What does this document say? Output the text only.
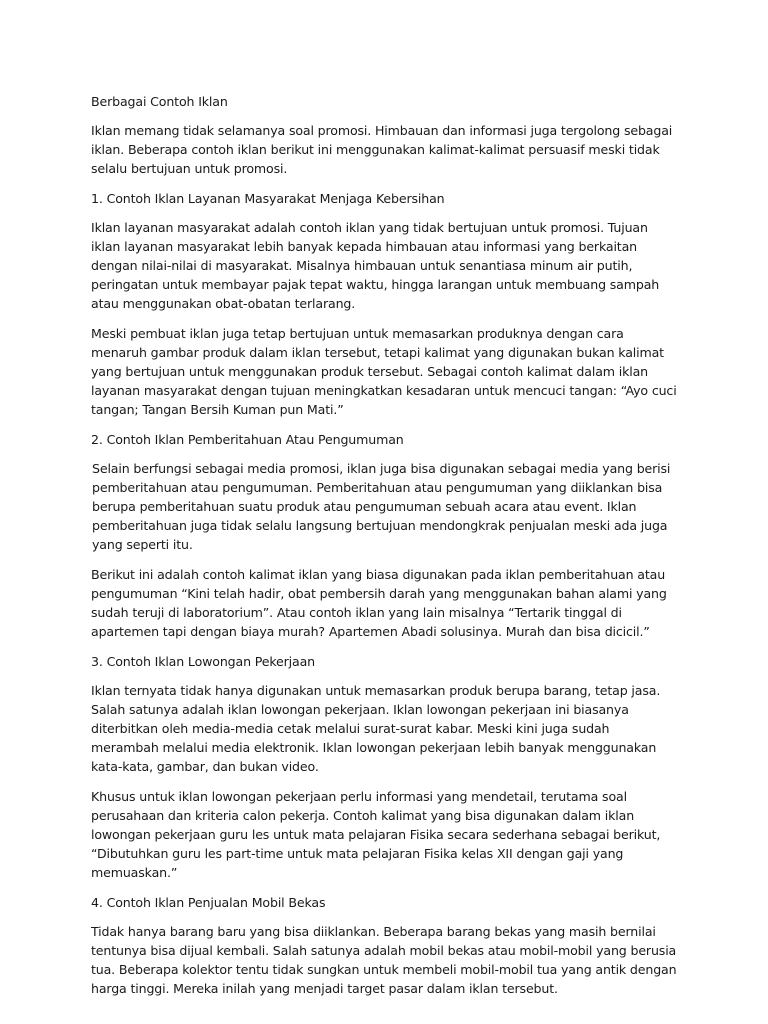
Berbagai Contoh Iklan

Iklan memang tidak selamanya soal promosi. Himbauan dan informasi juga tergolong sebagai iklan. Beberapa contoh iklan berikut ini menggunakan kalimat-kalimat persuasif meski tidak selalu bertujuan untuk promosi.

1. Contoh Iklan Layanan Masyarakat Menjaga Kebersihan

Iklan layanan masyarakat adalah contoh iklan yang tidak bertujuan untuk promosi. Tujuan iklan layanan masyarakat lebih banyak kepada himbauan atau informasi yang berkaitan dengan nilai-nilai di masyarakat. Misalnya himbauan untuk senantiasa minum air putih, peringatan untuk membayar pajak tepat waktu, hingga larangan untuk membuang sampah atau menggunakan obat-obatan terlarang.

Meski pembuat iklan juga tetap bertujuan untuk memasarkan produknya dengan cara menaruh gambar produk dalam iklan tersebut, tetapi kalimat yang digunakan bukan kalimat yang bertujuan untuk menggunakan produk tersebut. Sebagai contoh kalimat dalam iklan layanan masyarakat dengan tujuan meningkatkan kesadaran untuk mencuci tangan: “Ayo cuci tangan; Tangan Bersih Kuman pun Mati.”

2. Contoh Iklan Pemberitahuan Atau Pengumuman

Selain berfungsi sebagai media promosi, iklan juga bisa digunakan sebagai media yang berisi pemberitahuan atau pengumuman. Pemberitahuan atau pengumuman yang diiklankan bisa berupa pemberitahuan suatu produk atau pengumuman sebuah acara atau event. Iklan pemberitahuan juga tidak selalu langsung bertujuan mendongkrak penjualan meski ada juga yang seperti itu.

Berikut ini adalah contoh kalimat iklan yang biasa digunakan pada iklan pemberitahuan atau pengumuman “Kini telah hadir, obat pembersih darah yang menggunakan bahan alami yang sudah teruji di laboratorium”. Atau contoh iklan yang lain misalnya “Tertarik tinggal di apartemen tapi dengan biaya murah? Apartemen Abadi solusinya. Murah dan bisa dicicil.”

3. Contoh Iklan Lowongan Pekerjaan

Iklan ternyata tidak hanya digunakan untuk memasarkan produk berupa barang, tetap jasa. Salah satunya adalah iklan lowongan pekerjaan. Iklan lowongan pekerjaan ini biasanya diterbitkan oleh media-media cetak melalui surat-surat kabar. Meski kini juga sudah merambah melalui media elektronik. Iklan lowongan pekerjaan lebih banyak menggunakan kata-kata, gambar, dan bukan video.

Khusus untuk iklan lowongan pekerjaan perlu informasi yang mendetail, terutama soal perusahaan dan kriteria calon pekerja. Contoh kalimat yang bisa digunakan dalam iklan lowongan pekerjaan guru les untuk mata pelajaran Fisika secara sederhana sebagai berikut, “Dibutuhkan guru les part-time untuk mata pelajaran Fisika kelas XII dengan gaji yang memuaskan.”

4. Contoh Iklan Penjualan Mobil Bekas

Tidak hanya barang baru yang bisa diiklankan. Beberapa barang bekas yang masih bernilai tentunya bisa dijual kembali. Salah satunya adalah mobil bekas atau mobil-mobil yang berusia tua. Beberapa kolektor tentu tidak sungkan untuk membeli mobil-mobil tua yang antik dengan harga tinggi. Mereka inilah yang menjadi target pasar dalam iklan tersebut.
